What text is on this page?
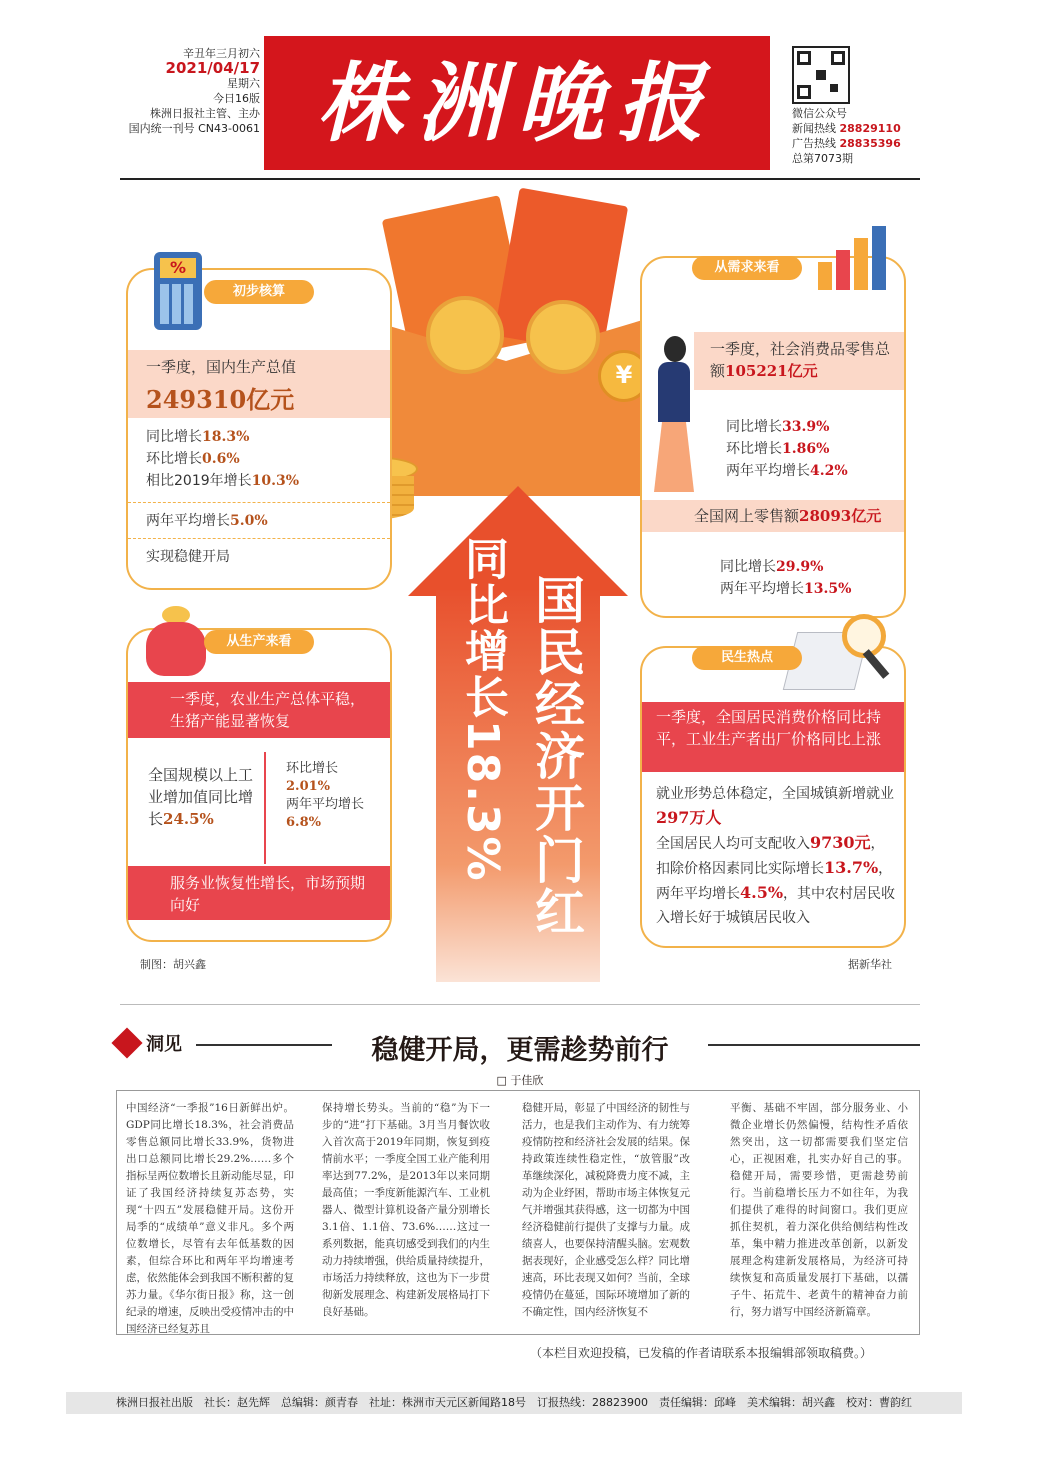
辛丑年三月初六
2021/04/17
星期六
今日16版
株洲日报社主管、主办
国内统一刊号 CN43-0061 株洲晚报	微信公众号
新闻热线 28829110
广告热线 28835396
总第7073期
¥
同比增长18.3% 国民经济开门红
%
初步核算
一季度，国内生产总值
249310亿元
同比增长18.3%
环比增长0.6%
相比2019年增长10.3%
两年平均增长5.0%
实现稳健开局
从生产来看
一季度，农业生产总体平稳，生猪产能显著恢复
全国规模以上工业增加值同比增长24.5%
环比增长
2.01%
两年平均增长
6.8%
服务业恢复性增长，市场预期向好
制图：胡兴鑫
从需求来看
一季度，社会消费品零售总额105221亿元
同比增长33.9%
环比增长1.86%
两年平均增长4.2%
全国网上零售额28093亿元
同比增长29.9%
两年平均增长13.5%
民生热点
一季度，全国居民消费价格同比持平，工业生产者出厂价格同比上涨
就业形势总体稳定，全国城镇新增就业297万人
全国居民人均可支配收入9730元，
扣除价格因素同比实际增长13.7%，
两年平均增长4.5%，其中农村居民收入增长好于城镇居民收入
据新华社
洞见	稳健开局，更需趁势前行
□ 于佳欣
中国经济“一季报”16日新鲜出炉。GDP同比增长18.3%，社会消费品零售总额同比增长33.9%，货物进出口总额同比增长29.2%……多个指标呈两位数增长且新动能尽显，印证了我国经济持续复苏态势，实现“十四五”发展稳健开局。这份开局季的“成绩单”意义非凡。多个两位数增长，尽管有去年低基数的因素，但综合环比和两年平均增速考虑，依然能体会到我国不断积蓄的复苏力量。《华尔街日报》称，这一创纪录的增速，反映出受疫情冲击的中国经济已经复苏且
保持增长势头。当前的“稳”为下一步的“进”打下基础。3月当月餐饮收入首次高于2019年同期，恢复到疫情前水平；一季度全国工业产能利用率达到77.2%，是2013年以来同期最高值；一季度新能源汽车、工业机器人、微型计算机设备产量分别增长3.1倍、1.1倍、73.6%……这过一系列数据，能真切感受到我们的内生动力持续增强，供给质量持续提升，市场活力持续释放，这也为下一步贯彻新发展理念、构建新发展格局打下良好基础。
稳健开局，彰显了中国经济的韧性与活力，也是我们主动作为、有力统筹疫情防控和经济社会发展的结果。保持政策连续性稳定性，“放管服”改革继续深化，减税降费力度不减，主动为企业纾困，帮助市场主体恢复元气并增强其获得感，这一切都为中国经济稳健前行提供了支撑与力量。成绩喜人，也要保持清醒头脑。宏观数据表现好，企业感受怎么样？同比增速高，环比表现又如何？当前，全球疫情仍在蔓延，国际环境增加了新的不确定性，国内经济恢复不
平衡、基础不牢固，部分服务业、小微企业增长仍然偏慢，结构性矛盾依然突出，这一切都需要我们坚定信心，正视困难，扎实办好自己的事。稳健开局，需要珍惜，更需趁势前行。当前稳增长压力不如往年，为我们提供了难得的时间窗口。我们更应抓住契机，着力深化供给侧结构性改革，集中精力推进改革创新，以新发展理念构建新发展格局，为经济可持续恢复和高质量发展打下基础，以孺子牛、拓荒牛、老黄牛的精神奋力前行，努力谱写中国经济新篇章。
（本栏目欢迎投稿，已发稿的作者请联系本报编辑部领取稿费。）
株洲日报社出版　社长：赵先辉　总编辑：颜青春　社址：株洲市天元区新闻路18号　订报热线：28823900　责任编辑：邱峰　美术编辑：胡兴鑫　校对：曹韵红
